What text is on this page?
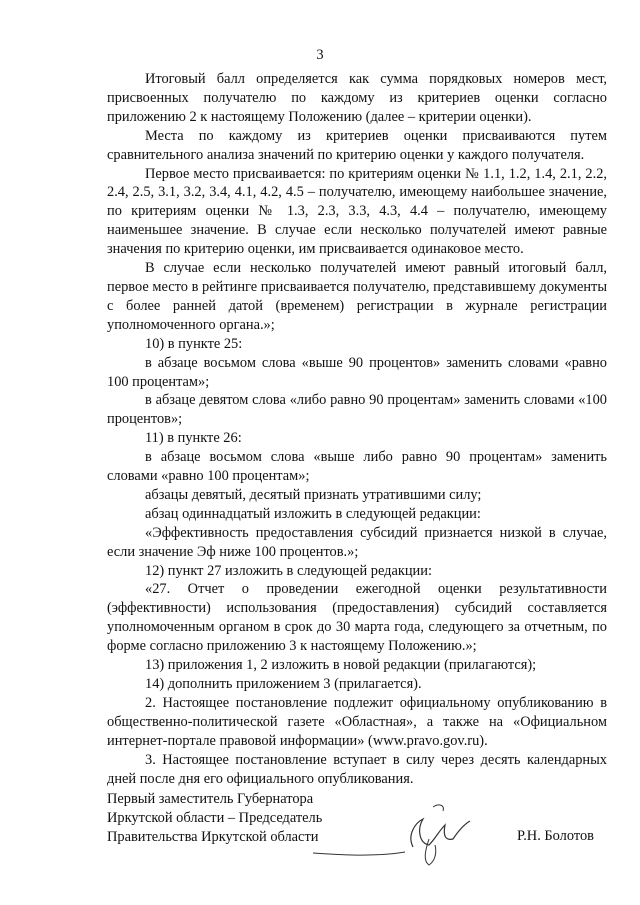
3

Итоговый балл определяется как сумма порядковых номеров мест, присвоенных получателю по каждому из критериев оценки согласно приложению 2 к настоящему Положению (далее – критерии оценки).

Места по каждому из критериев оценки присваиваются путем сравнительного анализа значений по критерию оценки у каждого получателя.

Первое место присваивается: по критериям оценки № 1.1, 1.2, 1.4, 2.1, 2.2, 2.4, 2.5, 3.1, 3.2, 3.4, 4.1, 4.2, 4.5 – получателю, имеющему наибольшее значение, по критериям оценки № 1.3, 2.3, 3.3, 4.3, 4.4 – получателю, имеющему наименьшее значение. В случае если несколько получателей имеют равные значения по критерию оценки, им присваивается одинаковое место.

В случае если несколько получателей имеют равный итоговый балл, первое место в рейтинге присваивается получателю, представившему документы с более ранней датой (временем) регистрации в журнале регистрации уполномоченного органа.»;

10) в пункте 25:

в абзаце восьмом слова «выше 90 процентов» заменить словами «равно 100 процентам»;

в абзаце девятом слова «либо равно 90 процентам» заменить словами «100 процентов»;

11) в пункте 26:

в абзаце восьмом слова «выше либо равно 90 процентам» заменить словами «равно 100 процентам»;

абзацы девятый, десятый признать утратившими силу;

абзац одиннадцатый изложить в следующей редакции:

«Эффективность предоставления субсидий признается низкой в случае, если значение Эф ниже 100 процентов.»;

12) пункт 27 изложить в следующей редакции:

«27. Отчет о проведении ежегодной оценки результативности (эффективности) использования (предоставления) субсидий составляется уполномоченным органом в срок до 30 марта года, следующего за отчетным, по форме согласно приложению 3 к настоящему Положению.»;

13) приложения 1, 2 изложить в новой редакции (прилагаются);

14) дополнить приложением 3 (прилагается).

2. Настоящее постановление подлежит официальному опубликованию в общественно-политической газете «Областная», а также на «Официальном интернет-портале правовой информации» (www.pravo.gov.ru).

3. Настоящее постановление вступает в силу через десять календарных дней после дня его официального опубликования.

Первый заместитель Губернатора
Иркутской области – Председатель
Правительства Иркутской области	Р.Н. Болотов
